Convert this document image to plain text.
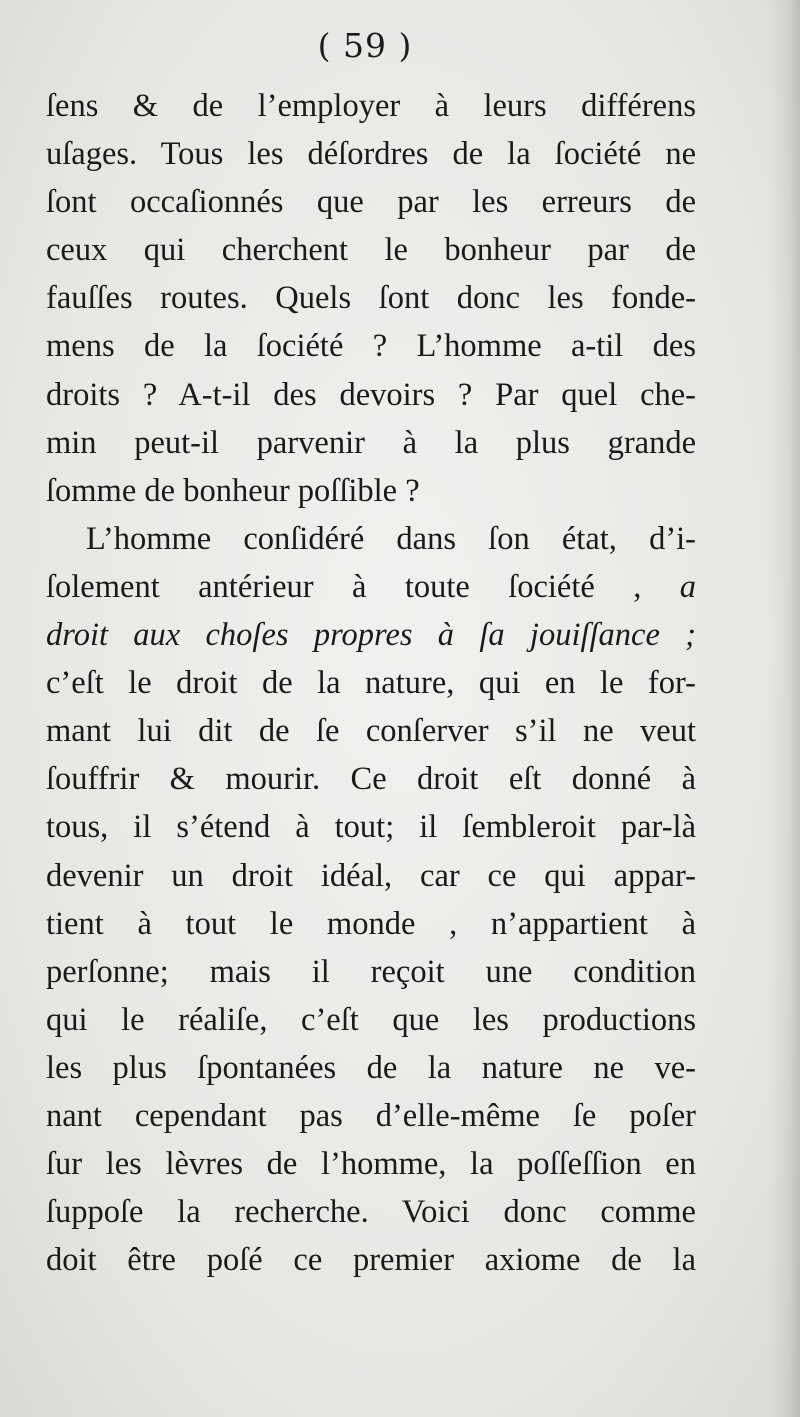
( 59 )
ſens & de l’employer à leurs différens
uſages. Tous les déſordres de la ſociété ne
ſont occaſionnés que par les erreurs de
ceux qui cherchent le bonheur par de
fauſſes routes. Quels ſont donc les fonde-
mens de la ſociété ? L’homme a-til des
droits ? A-t-il des devoirs ? Par quel che-
min peut-il parvenir à la plus grande
ſomme de bonheur poſſible ?
L’homme conſidéré dans ſon état, d’i-
ſolement antérieur à toute ſociété , a
droit aux choſes propres à ſa jouiſſance ;
c’eſt le droit de la nature, qui en le for-
mant lui dit de ſe conſerver s’il ne veut
ſouffrir & mourir. Ce droit eſt donné à
tous, il s’étend à tout; il ſembleroit par-là
devenir un droit idéal, car ce qui appar-
tient à tout le monde , n’appartient à
perſonne; mais il reçoit une condition
qui le réaliſe, c’eſt que les productions
les plus ſpontanées de la nature ne ve-
nant cependant pas d’elle-même ſe poſer
ſur les lèvres de l’homme, la poſſeſſion en
ſuppoſe la recherche. Voici donc comme
doit être poſé ce premier axiome de la
